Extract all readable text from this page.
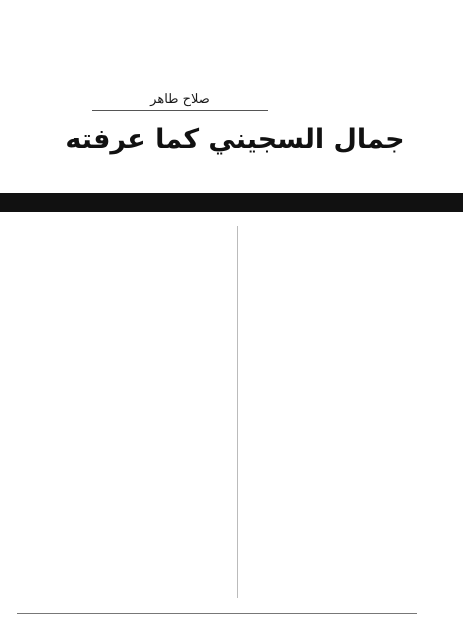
صلاح طاهر
جمال السجيني كما عرفته
